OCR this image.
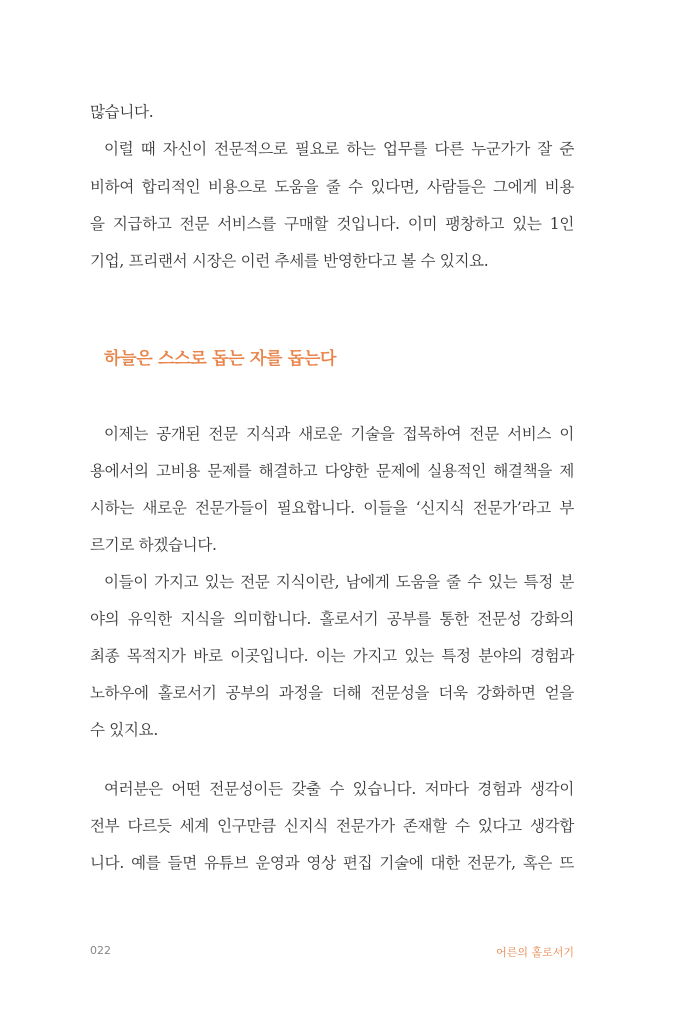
많습니다.
이럴 때 자신이 전문적으로 필요로 하는 업무를 다른 누군가가 잘 준
비하여 합리적인 비용으로 도움을 줄 수 있다면, 사람들은 그에게 비용
을 지급하고 전문 서비스를 구매할 것입니다. 이미 팽창하고 있는 1인
기업, 프리랜서 시장은 이런 추세를 반영한다고 볼 수 있지요.
하늘은 스스로 돕는 자를 돕는다
이제는 공개된 전문 지식과 새로운 기술을 접목하여 전문 서비스 이
용에서의 고비용 문제를 해결하고 다양한 문제에 실용적인 해결책을 제
시하는 새로운 전문가들이 필요합니다. 이들을 ‘신지식 전문가’라고 부
르기로 하겠습니다.
이들이 가지고 있는 전문 지식이란, 남에게 도움을 줄 수 있는 특정 분
야의 유익한 지식을 의미합니다. 홀로서기 공부를 통한 전문성 강화의
최종 목적지가 바로 이곳입니다. 이는 가지고 있는 특정 분야의 경험과
노하우에 홀로서기 공부의 과정을 더해 전문성을 더욱 강화하면 얻을
수 있지요.
여러분은 어떤 전문성이든 갖출 수 있습니다. 저마다 경험과 생각이
전부 다르듯 세계 인구만큼 신지식 전문가가 존재할 수 있다고 생각합
니다. 예를 들면 유튜브 운영과 영상 편집 기술에 대한 전문가, 혹은 뜨
022	어른의 홀로서기
